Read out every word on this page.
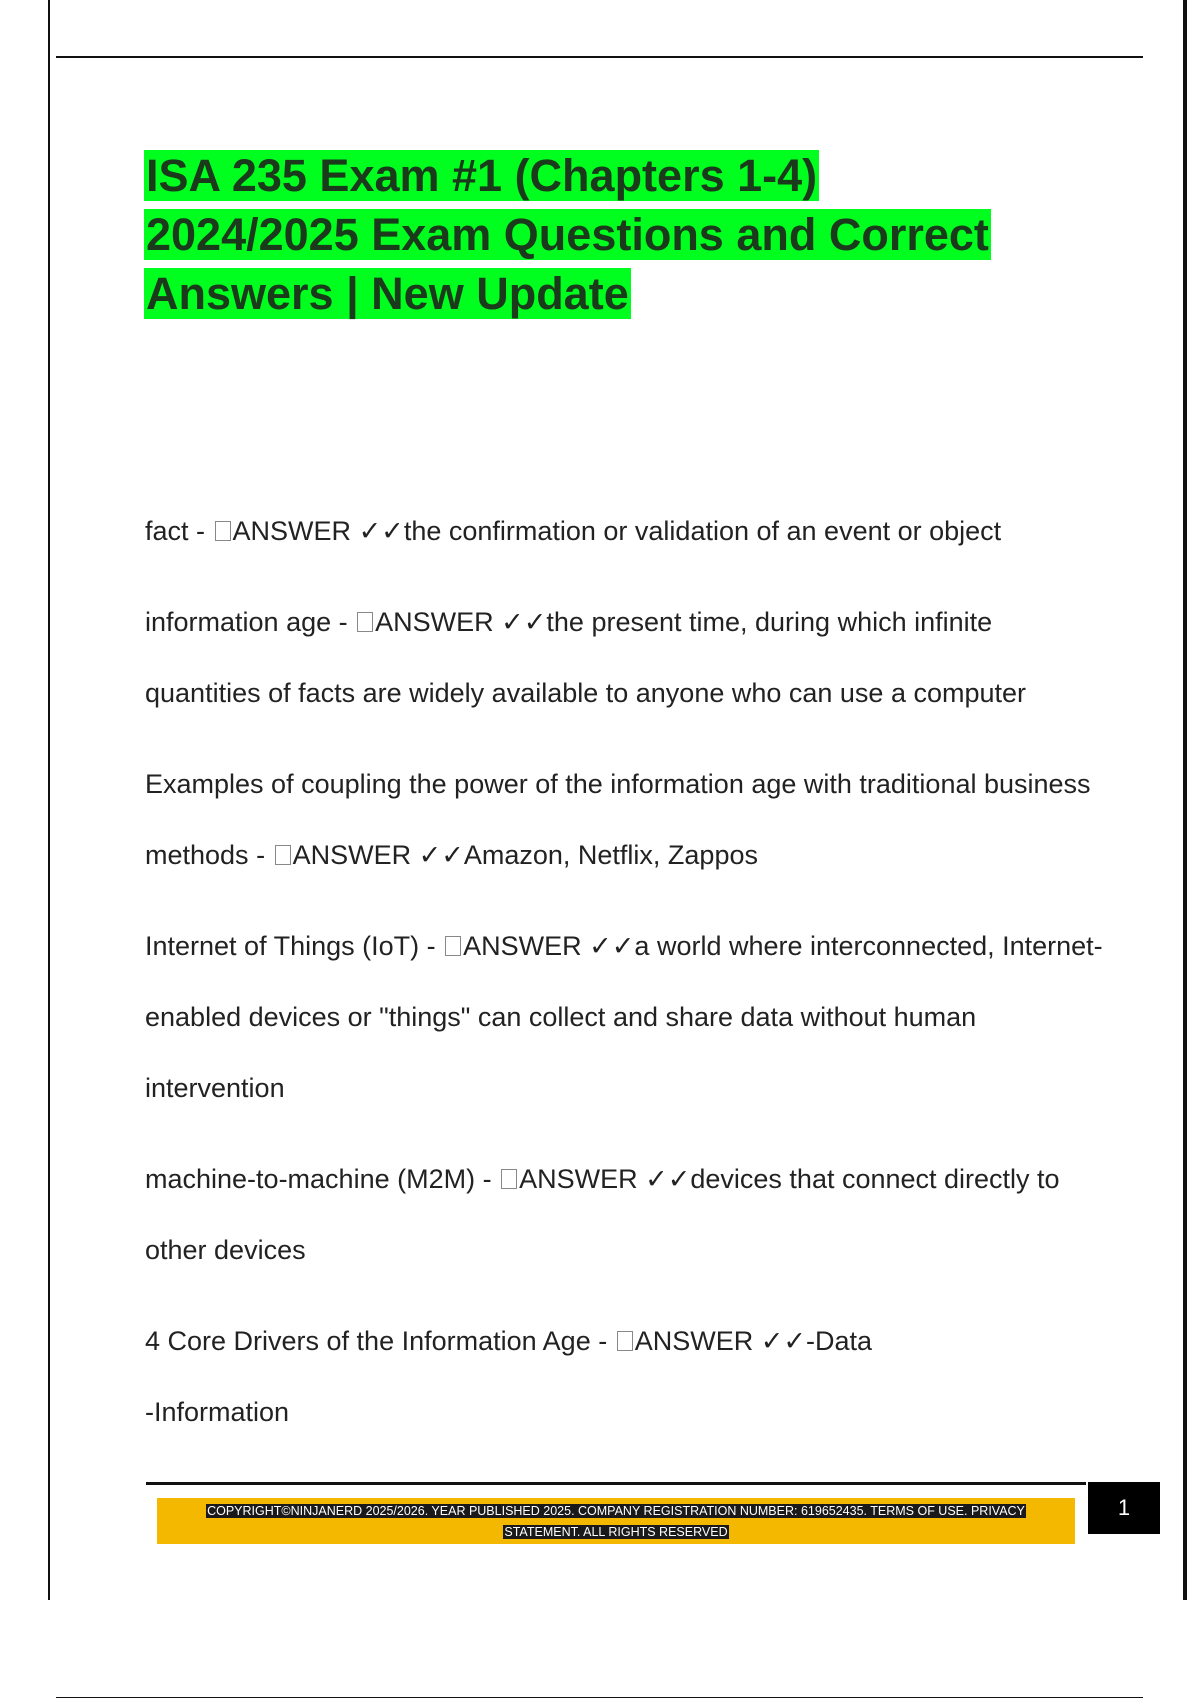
ISA 235 Exam #1 (Chapters 1-4)
2024/2025 Exam Questions and Correct
Answers | New Update

fact - ANSWER ✓✓the confirmation or validation of an event or object

information age - ANSWER ✓✓the present time, during which infinite quantities of facts are widely available to anyone who can use a computer

Examples of coupling the power of the information age with traditional business methods - ANSWER ✓✓Amazon, Netflix, Zappos

Internet of Things (IoT) - ANSWER ✓✓a world where interconnected, Internet- enabled devices or "things" can collect and share data without human intervention

machine-to-machine (M2M) - ANSWER ✓✓devices that connect directly to other devices

4 Core Drivers of the Information Age - ANSWER ✓✓-Data
-Information

COPYRIGHT©NINJANERD 2025/2026. YEAR PUBLISHED 2025. COMPANY REGISTRATION NUMBER: 619652435. TERMS OF USE. PRIVACY STATEMENT. ALL RIGHTS RESERVED
1
